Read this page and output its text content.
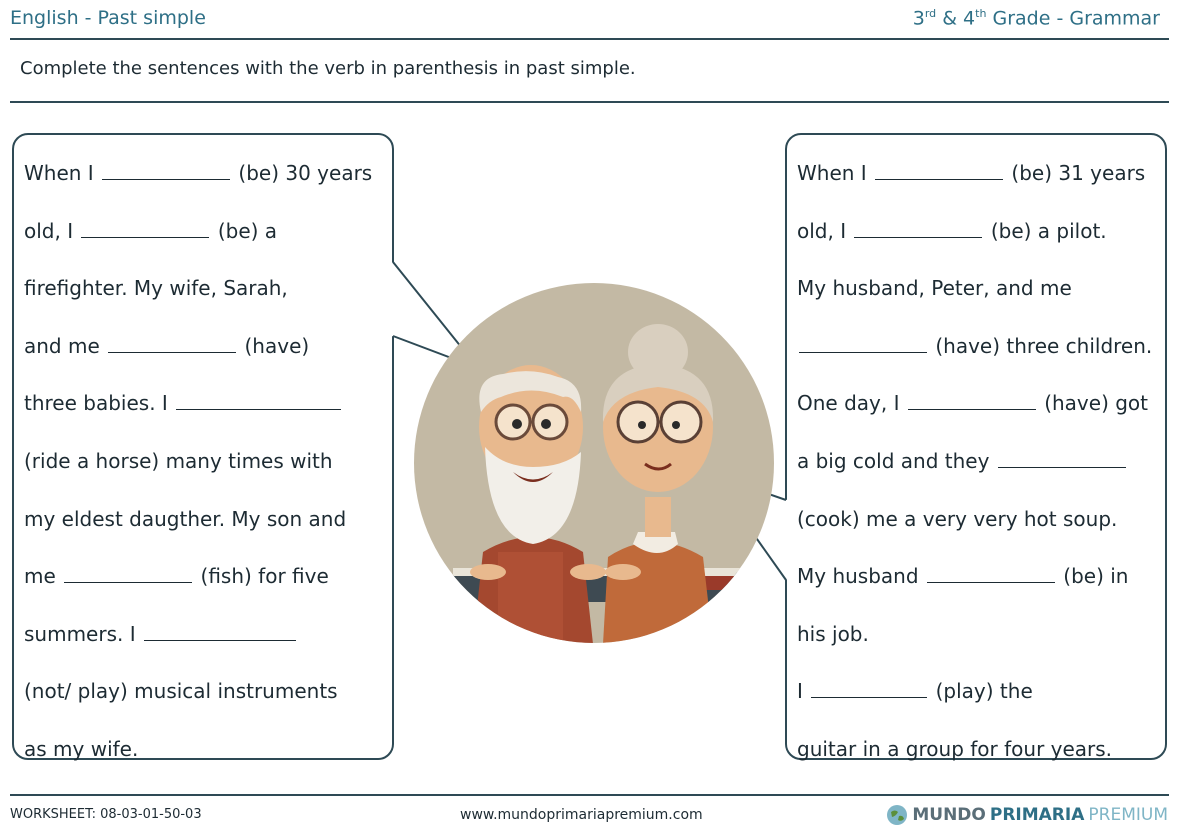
English - Past simple	3rd & 4th Grade - Grammar
Complete the sentences with the verb in parenthesis in past simple.
When I	(be) 30 years
old, I	(be) a
firefighter. My wife, Sarah,
and me	(have)
three babies. I
(ride a horse) many times with
my eldest daugther. My son and
me	(fish) for five
summers. I
(not/ play) musical instruments
as my wife.
When I	(be) 31 years
old, I	(be) a pilot.
My husband, Peter, and me
(have) three children.
One day, I	(have) got
a big cold and they
(cook) me a very very hot soup.
My husband	(be) in
his job.
I	(play) the
guitar in a group for four years.
WORKSHEET: 08-03-01-50-03	www.mundoprimariapremium.com	MUNDO PRIMARIA PREMIUM
